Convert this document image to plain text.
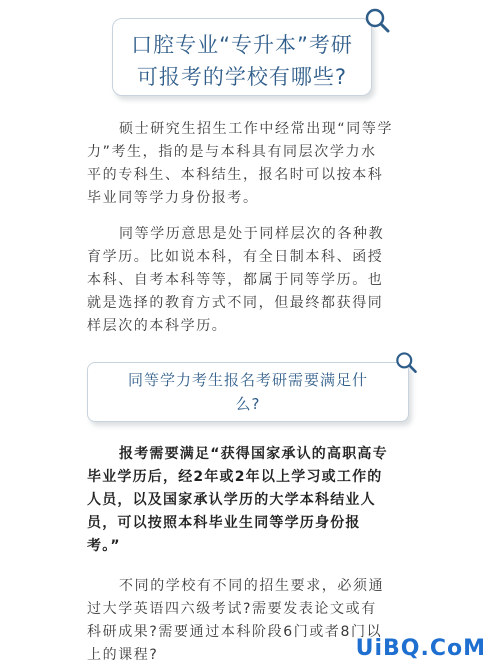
口腔专业“专升本”考研
可报考的学校有哪些?
硕士研究生招生工作中经常出现“同等学
力”考生，指的是与本科具有同层次学力水
平的专科生、本科结生，报名时可以按本科
毕业同等学力身份报考。
同等学历意思是处于同样层次的各种教
育学历。比如说本科，有全日制本科、函授
本科、自考本科等等，都属于同等学历。也
就是选择的教育方式不同，但最终都获得同
样层次的本科学历。
同等学力考生报名考研需要满足什
么?
报考需要满足“获得国家承认的高职高专
毕业学历后，经2年或2年以上学习或工作的
人员，以及国家承认学历的大学本科结业人
员，可以按照本科毕业生同等学历身份报
考。”
不同的学校有不同的招生要求，必须通
过大学英语四六级考试?需要发表论文或有
科研成果?需要通过本科阶段6门或者8门以
上的课程?	UiBQ.CoM
